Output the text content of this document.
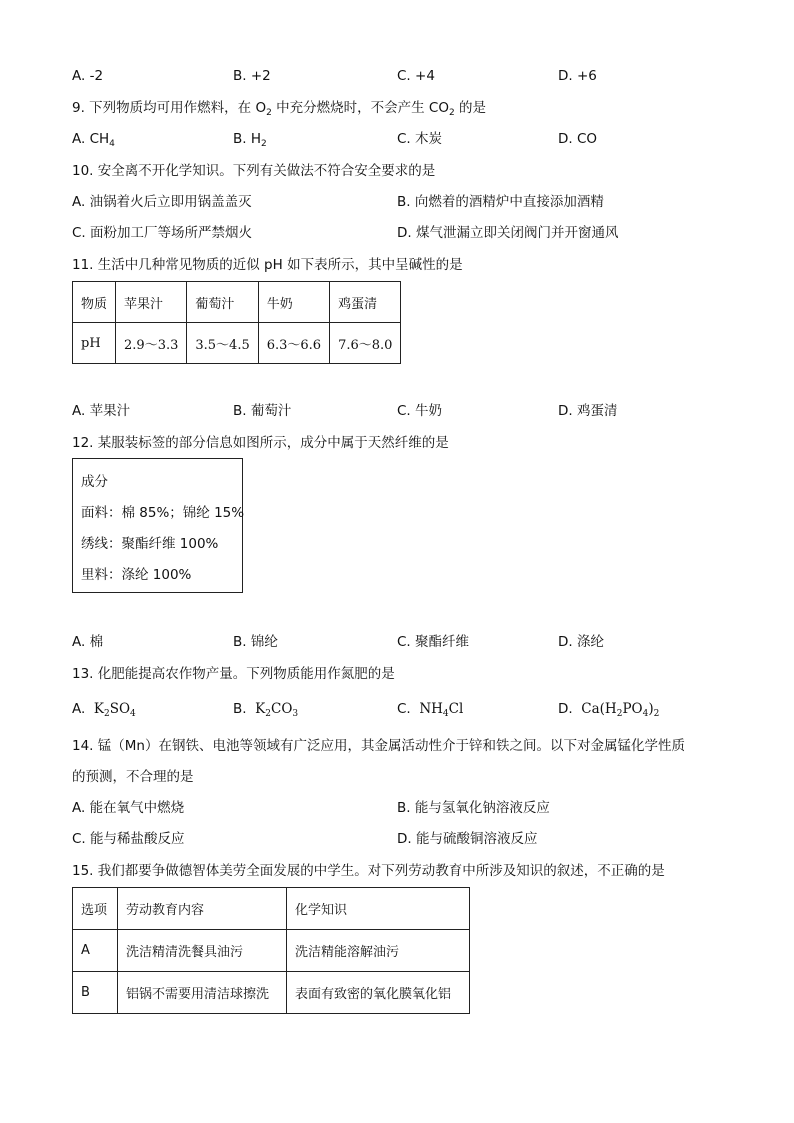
A. -2	B. +2	C. +4	D. +6
9. 下列物质均可用作燃料，在 $O_2$ 中充分燃烧时，不会产生 $CO_2$ 的是
A. $CH_4$	B. $H_2$	C. 木炭	D. CO
10. 安全离不开化学知识。下列有关做法不符合安全要求的是
A. 油锅着火后立即用锅盖盖灭	B. 向燃着的酒精炉中直接添加酒精
C. 面粉加工厂等场所严禁烟火	D. 煤气泄漏立即关闭阀门并开窗通风
11. 生活中几种常见物质的近似 pH 如下表所示，其中呈碱性的是
物质	苹果汁	葡萄汁	牛奶	鸡蛋清
pH	2.9～3.3	3.5～4.5	6.3～6.6	7.6～8.0
A. 苹果汁	B. 葡萄汁	C. 牛奶	D. 鸡蛋清
12. 某服装标签的部分信息如图所示，成分中属于天然纤维的是
成分
面料：棉 85%；锦纶 15%
绣线：聚酯纤维 100%
里料：涤纶 100%
A. 棉	B. 锦纶	C. 聚酯纤维	D. 涤纶
13. 化肥能提高农作物产量。下列物质能用作氮肥的是
A. $K_2SO_4$	B. $K_2CO_3$	C. $NH_4Cl$	D. $Ca(H_2PO_4)_2$
14. 锰（Mn）在钢铁、电池等领域有广泛应用，其金属活动性介于锌和铁之间。以下对金属锰化学性质
的预测，不合理的是
A. 能在氧气中燃烧	B. 能与氢氧化钠溶液反应
C. 能与稀盐酸反应	D. 能与硫酸铜溶液反应
15. 我们都要争做德智体美劳全面发展的中学生。对下列劳动教育中所涉及知识的叙述，不正确的是
选项	劳动教育内容	化学知识
A	洗洁精清洗餐具油污	洗洁精能溶解油污
B	铝锅不需要用清洁球擦洗	表面有致密的氧化膜氧化铝
